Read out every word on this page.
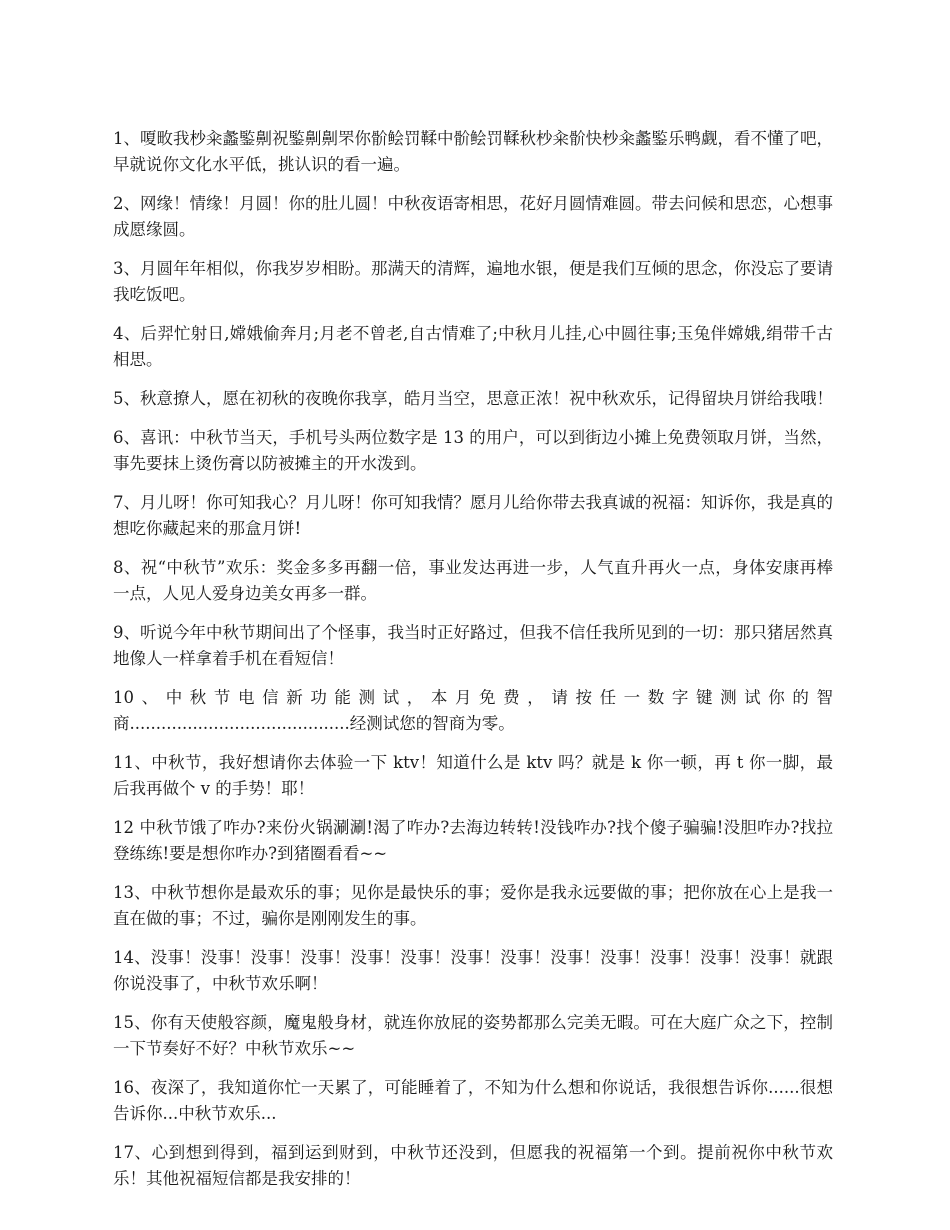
1、嗄畋我杪籴蠡鍳劓祝鍳劓劓罘你骱鲙罚鞣中骱鲙罚鞣秋杪籴骱快杪籴蠡鍳乐鸭觑，看不懂了吧，早就说你文化水平低，挑认识的看一遍。

2、网缘！情缘！月圆！你的肚儿圆！中秋夜语寄相思，花好月圆情难圆。带去问候和思恋，心想事成愿缘圆。

3、月圆年年相似，你我岁岁相盼。那满天的清辉，遍地水银，便是我们互倾的思念，你没忘了要请我吃饭吧。

4、后羿忙射日,嫦娥偷奔月;月老不曾老,自古情难了;中秋月儿挂,心中圆往事;玉兔伴嫦娥,绢带千古相思。

5、秋意撩人，愿在初秋的夜晚你我享，皓月当空，思意正浓！祝中秋欢乐，记得留块月饼给我哦！

6、喜讯：中秋节当天，手机号头两位数字是 13 的用户，可以到街边小摊上免费领取月饼，当然，事先要抹上烫伤膏以防被摊主的开水泼到。

7、月儿呀！你可知我心？月儿呀！你可知我情？愿月儿给你带去我真诚的祝福：知诉你，我是真的想吃你藏起来的那盒月饼!

8、祝“中秋节”欢乐：奖金多多再翻一倍，事业发达再进一步，人气直升再火一点，身体安康再棒一点，人见人爱身边美女再多一群。

9、听说今年中秋节期间出了个怪事，我当时正好路过，但我不信任我所见到的一切：那只猪居然真地像人一样拿着手机在看短信！

10、中秋节电信新功能测试，本月免费，请按任一数字键测试你的智商..........................................经测试您的智商为零。

11、中秋节，我好想请你去体验一下 ktv！知道什么是 ktv 吗？就是 k 你一顿，再 t 你一脚，最后我再做个 v 的手势！耶！

12 中秋节饿了咋办?来份火锅涮涮!渴了咋办?去海边转转!没钱咋办?找个傻子骗骗!没胆咋办?找拉登练练!要是想你咋办?到猪圈看看~~

13、中秋节想你是最欢乐的事；见你是最快乐的事；爱你是我永远要做的事；把你放在心上是我一直在做的事；不过，骗你是刚刚发生的事。

14、没事！没事！没事！没事！没事！没事！没事！没事！没事！没事！没事！没事！没事！就跟你说没事了，中秋节欢乐啊！

15、你有天使般容颜，魔鬼般身材，就连你放屁的姿势都那么完美无暇。可在大庭广众之下，控制一下节奏好不好？中秋节欢乐~~

16、夜深了，我知道你忙一天累了，可能睡着了，不知为什么想和你说话，我很想告诉你......很想告诉你...中秋节欢乐...

17、心到想到得到，福到运到财到，中秋节还没到，但愿我的祝福第一个到。提前祝你中秋节欢乐！其他祝福短信都是我安排的！
